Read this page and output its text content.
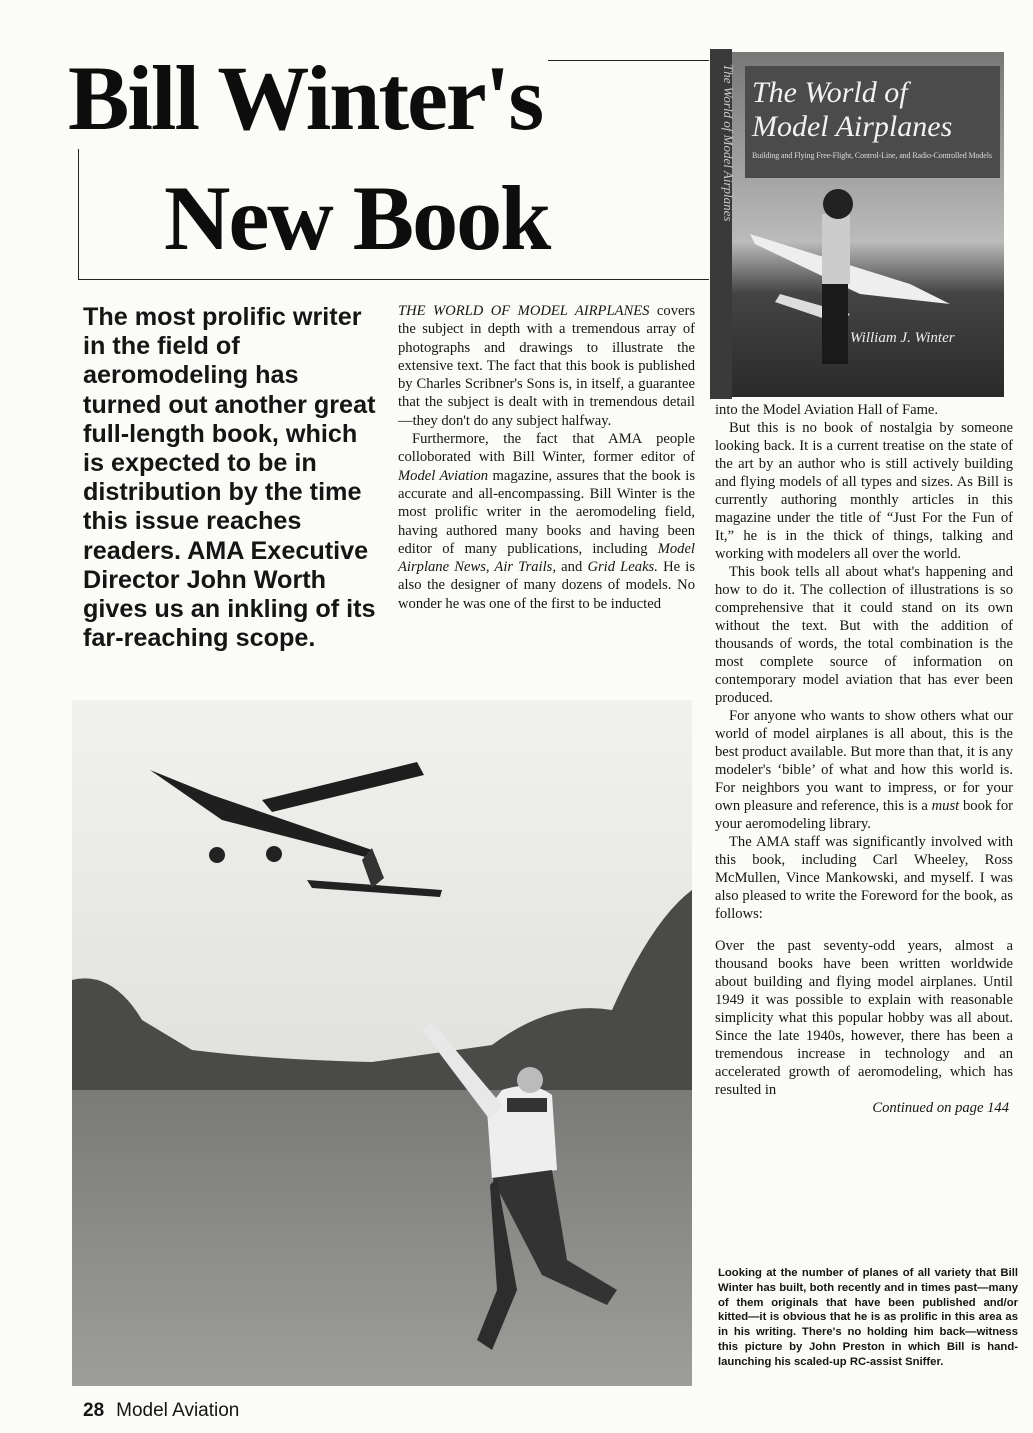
Bill Winter's
New Book
The most prolific writer in the field of aeromodeling has turned out another great full-length book, which is expected to be in distribution by the time this issue reaches readers. AMA Executive Director John Worth gives us an inkling of its far-reaching scope.

THE WORLD OF MODEL AIRPLANES covers the subject in depth with a tremendous array of photographs and drawings to illustrate the extensive text. The fact that this book is published by Charles Scribner's Sons is, in itself, a guarantee that the subject is dealt with in tremendous detail—they don't do any subject halfway.

Furthermore, the fact that AMA people colloborated with Bill Winter, former editor of Model Aviation magazine, assures that the book is accurate and all-encompassing. Bill Winter is the most prolific writer in the aeromodeling field, having authored many books and having been editor of many publications, including Model Airplane News, Air Trails, and Grid Leaks. He is also the designer of many dozens of models. No wonder he was one of the first to be inducted

The World of
Model Airplanes
Building and Flying Free-Flight, Control-Line, and Radio-Controlled Models
William J. Winter
The World of Model Airplanes

into the Model Aviation Hall of Fame.

But this is no book of nostalgia by someone looking back. It is a current treatise on the state of the art by an author who is still actively building and flying models of all types and sizes. As Bill is currently authoring monthly articles in this magazine under the title of “Just For the Fun of It,” he is in the thick of things, talking and working with modelers all over the world.

This book tells all about what's happening and how to do it. The collection of illustrations is so comprehensive that it could stand on its own without the text. But with the addition of thousands of words, the total combination is the most complete source of information on contemporary model aviation that has ever been produced.

For anyone who wants to show others what our world of model airplanes is all about, this is the best product available. But more than that, it is any modeler's ‘bible’ of what and how this world is. For neighbors you want to impress, or for your own pleasure and reference, this is a must book for your aeromodeling library.

The AMA staff was significantly involved with this book, including Carl Wheeley, Ross McMullen, Vince Mankowski, and myself. I was also pleased to write the Foreword for the book, as follows:

Over the past seventy-odd years, almost a thousand books have been written worldwide about building and flying model airplanes. Until 1949 it was possible to explain with reasonable simplicity what this popular hobby was all about. Since the late 1940s, however, there has been a tremendous increase in technology and an accelerated growth of aeromodeling, which has resulted in

Continued on page 144

Looking at the number of planes of all variety that Bill Winter has built, both recently and in times past—many of them originals that have been published and/or kitted—it is obvious that he is as prolific in this area as in his writing. There's no holding him back—witness this picture by John Preston in which Bill is hand-launching his scaled-up RC-assist Sniffer.
28 Model Aviation
